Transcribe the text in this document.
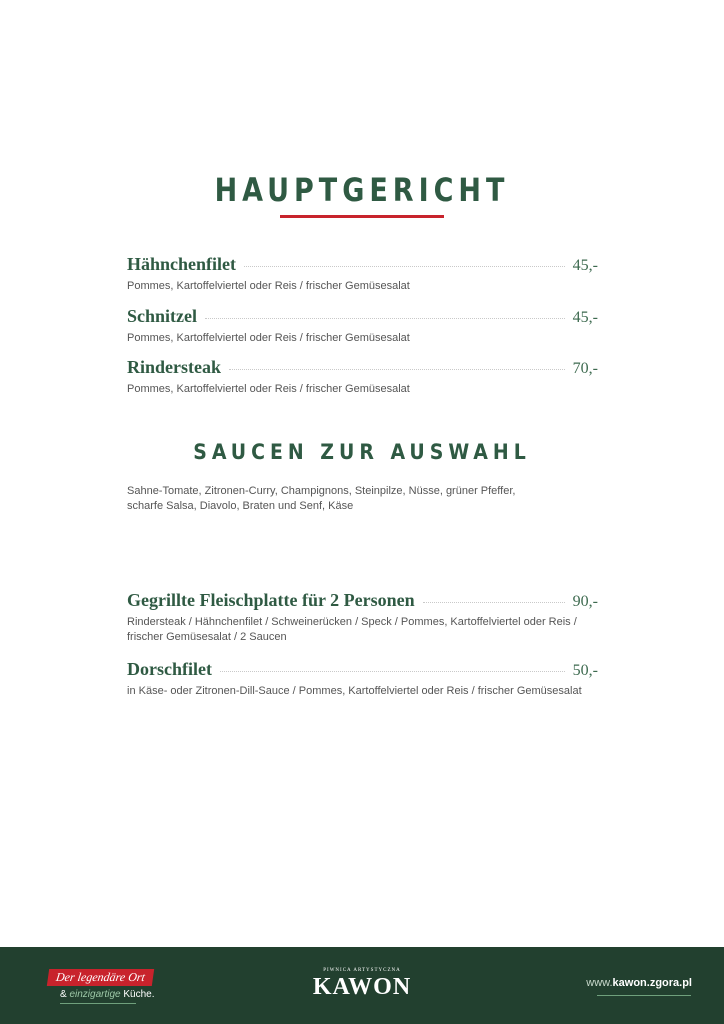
HAUPTGERICHT
Hähnchenfilet	45,-
Pommes, Kartoffelviertel oder Reis / frischer Gemüsesalat
Schnitzel	45,-
Pommes, Kartoffelviertel oder Reis / frischer Gemüsesalat
Rindersteak	70,-
Pommes, Kartoffelviertel oder Reis / frischer Gemüsesalat
SAUCEN ZUR AUSWAHL
Sahne-Tomate, Zitronen-Curry, Champignons, Steinpilze, Nüsse, grüner Pfeffer, scharfe Salsa, Diavolo, Braten und Senf, Käse
Gegrillte Fleischplatte für 2 Personen	90,-
Rindersteak / Hähnchenfilet / Schweinerücken / Speck / Pommes, Kartoffelviertel oder Reis / frischer Gemüsesalat / 2 Saucen
Dorschfilet	50,-
in Käse- oder Zitronen-Dill-Sauce / Pommes, Kartoffelviertel oder Reis / frischer Gemüsesalat
Der legendäre Ort
& einzigartige Küche.
PIWNICA ARTYSTYCZNA
KAWON	www.kawon.zgora.pl
